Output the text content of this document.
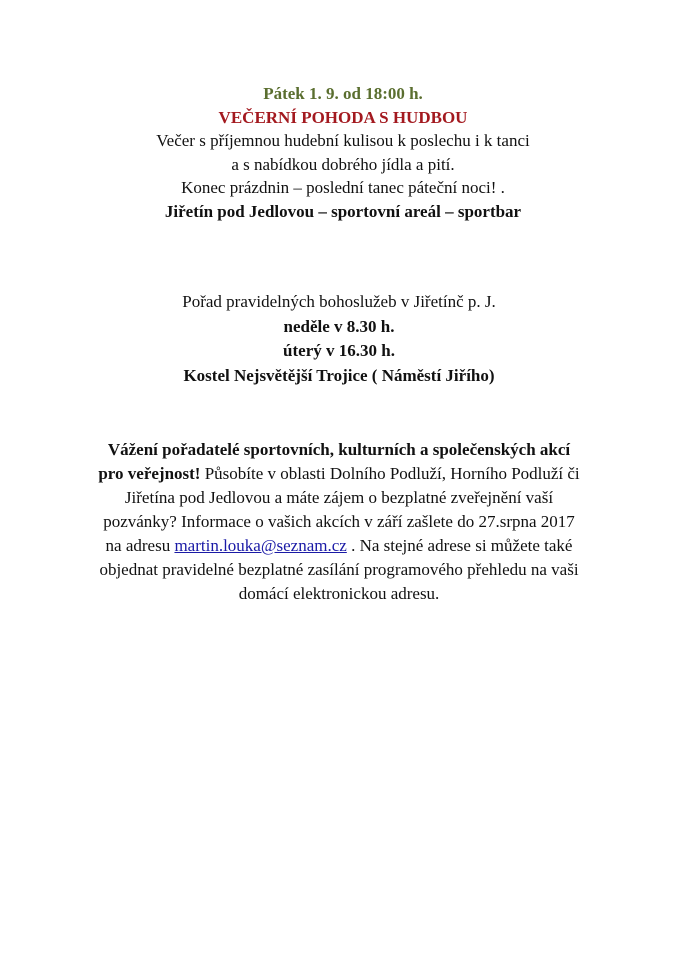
Pátek 1. 9. od 18:00 h.
VEČERNÍ POHODA S HUDBOU
Večer s příjemnou hudební kulisou k poslechu i k tanci
a s nabídkou dobrého jídla a pití.
Konec prázdnin – poslední tanec páteční noci! .
Jiřetín pod Jedlovou – sportovní areál – sportbar
Pořad pravidelných bohoslužeb v Jiřetínč p. J.
neděle v 8.30 h.
úterý v 16.30 h.
Kostel Nejsvětější Trojice ( Náměstí Jiřího)

Vážení pořadatelé sportovních, kulturních a společenských akcí

pro veřejnost! Působíte v oblasti Dolního Podluží, Horního Podluží či

Jiřetína pod Jedlovou a máte zájem o bezplatné zveřejnění vaší

pozvánky? Informace o vašich akcích v září zašlete do 27.srpna 2017

na adresu martin.louka@seznam.cz . Na stejné adrese si můžete také

objednat pravidelné bezplatné zasílání programového přehledu na vaši

domácí elektronickou adresu.
